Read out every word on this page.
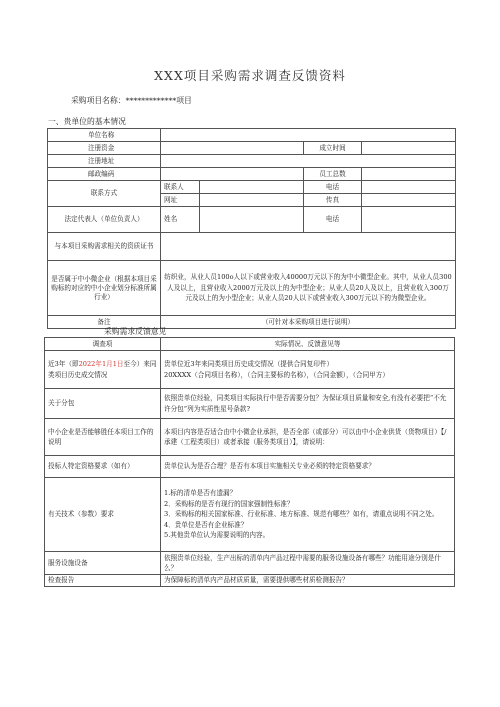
XXX项目采购需求调查反馈资料
采购项目名称：*************项目
一、贵单位的基本情况
单位名称				
注册资金			成立时间	
注册地址				
邮政编码			员工总数	
联系方式	联系人		电话	
	网址		传真	
法定代表人（单位负责人）	姓名		电话	
与本项目采购需求相关的资质证书				
是否属于中小微企业（根据本项目采购标的对应的中小企业划分标准所属行业）	纺织业，从业人员100o人以下或营业收入40000万元以下的为中小微型企业。其中，从业人员300人及以上，且营业收入2000万元及以上的为中型企业；从业人员20人及以上，且营业收入300万元及以上的为小型企业；从业人员20人以下或营业收入300万元以下的为微型企业。			
备注	（可针对本采购项目进行说明）			
采购需求反馈意见
调查项	实际情况、反馈意见等
近3年（即2022年1月1日至今）来同类项目历史成交情况	贵单位近3年来同类项目历史成交情况（提供合同复印件）
20XXXX（合同项目名称），（合同主要标的名称），（合同金额），（合同甲方）

关于分包	依照贵单位经验，同类项目实际执行中是否需要分包？为保证项目质量和安全,有没有必要把“不允许分包”列为实质性星号条款?
中小企业是否能够胜任本项目工作的说明	本项目内容是否适合由中小微企业承担，是否全部（或部分）可以由中小企业供货（货物项目）【/承建（工程类项目）或者承接（服务类项目）】，请说明：
投标人特定资格要求（如有）	贵单位认为是否合理？是否有本项目实施相关专业必须的特定资格要求？
有关技术（参数）要求	1.标的清单是否有遗漏？
2．采购标的是否有现行的国家强制性标准？
3．采购标的相关国家标准、行业标准、地方标准、规范有哪些？如有，请重点说明不同之处。
4．贵单位是否有企业标准？
5.其他贵单位认为需要说明的内容。

服务设施设备	依照贵单位经验，生产出标的清单内产品过程中需要的服务设施设备有哪些？功能用途分别是什么？
检查报告	为保障标的清单内产品材质质量，需要提供哪些材质检测报告？
